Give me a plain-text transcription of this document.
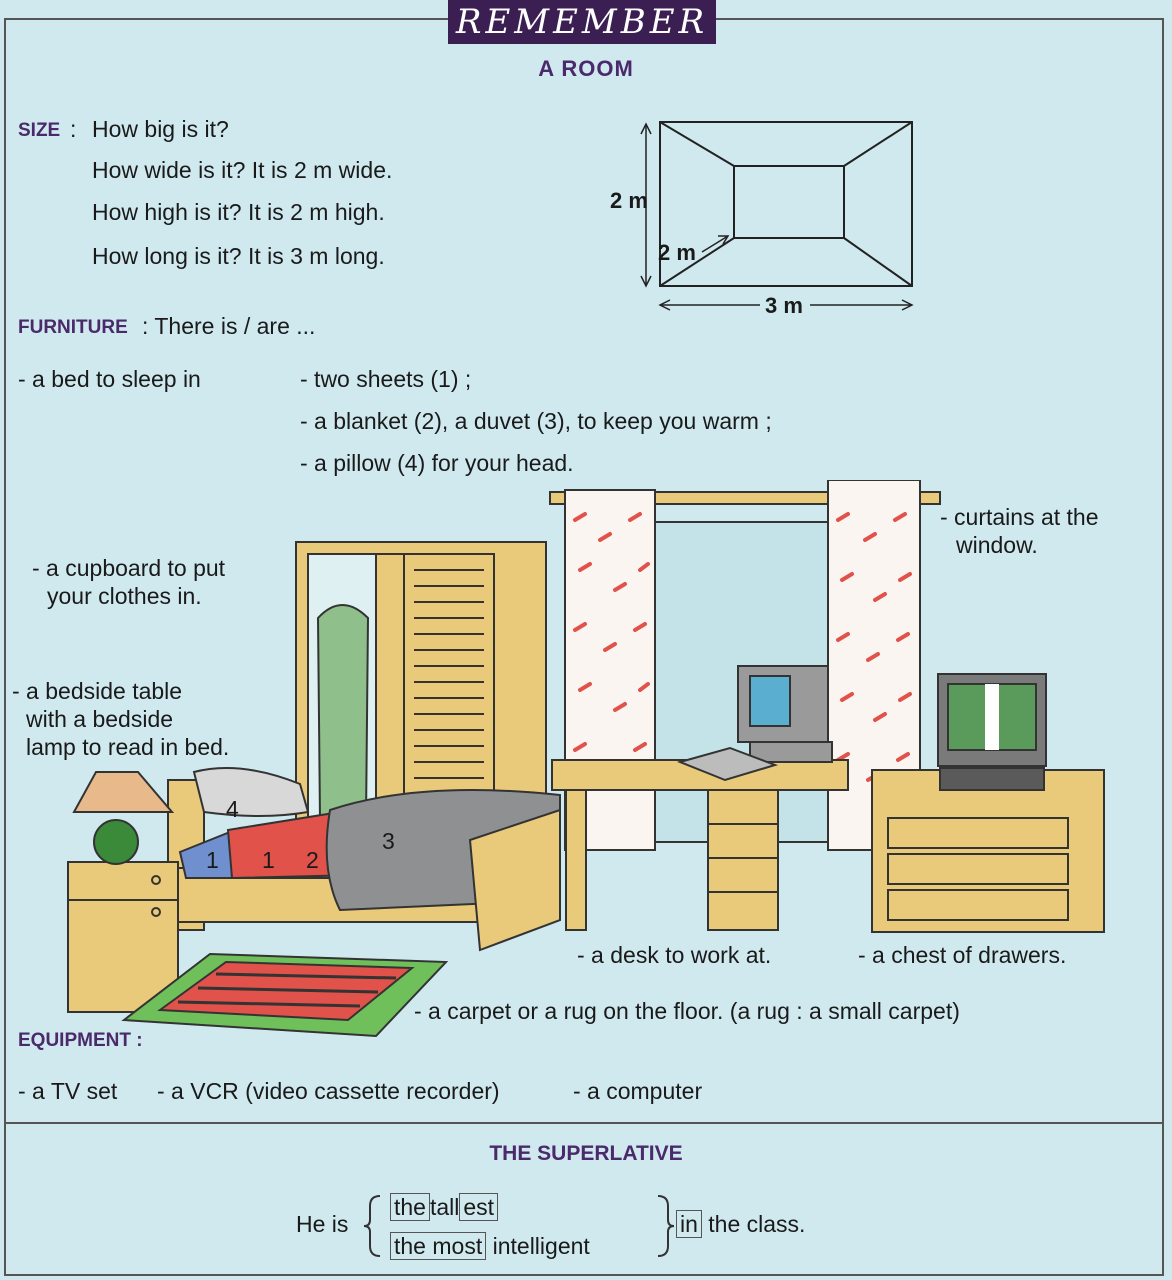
REMEMBER
A ROOM
SIZE : How big is it?
How wide is it? It is 2 m wide.
How high is it? It is 2 m high.
How long is it? It is 3 m long.
2 m
2 m
3 m
FURNITURE : There is / are ...
- a bed to sleep in	- two sheets (1) ;
- a blanket (2), a duvet (3), to keep you warm ;
- a pillow (4) for your head.
4
1 1 2
3
- curtains at the
window.
- a cupboard to put
your clothes in.
- a bedside table
with a bedside
lamp to read in bed.
- a desk to work at.	- a chest of drawers.
- a carpet or a rug on the floor. (a rug : a small carpet)
EQUIPMENT :
- a TV set - a VCR (video cassette recorder)	- a computer
THE SUPERLATIVE
He is
the tall est
the most intelligent
in the class.
